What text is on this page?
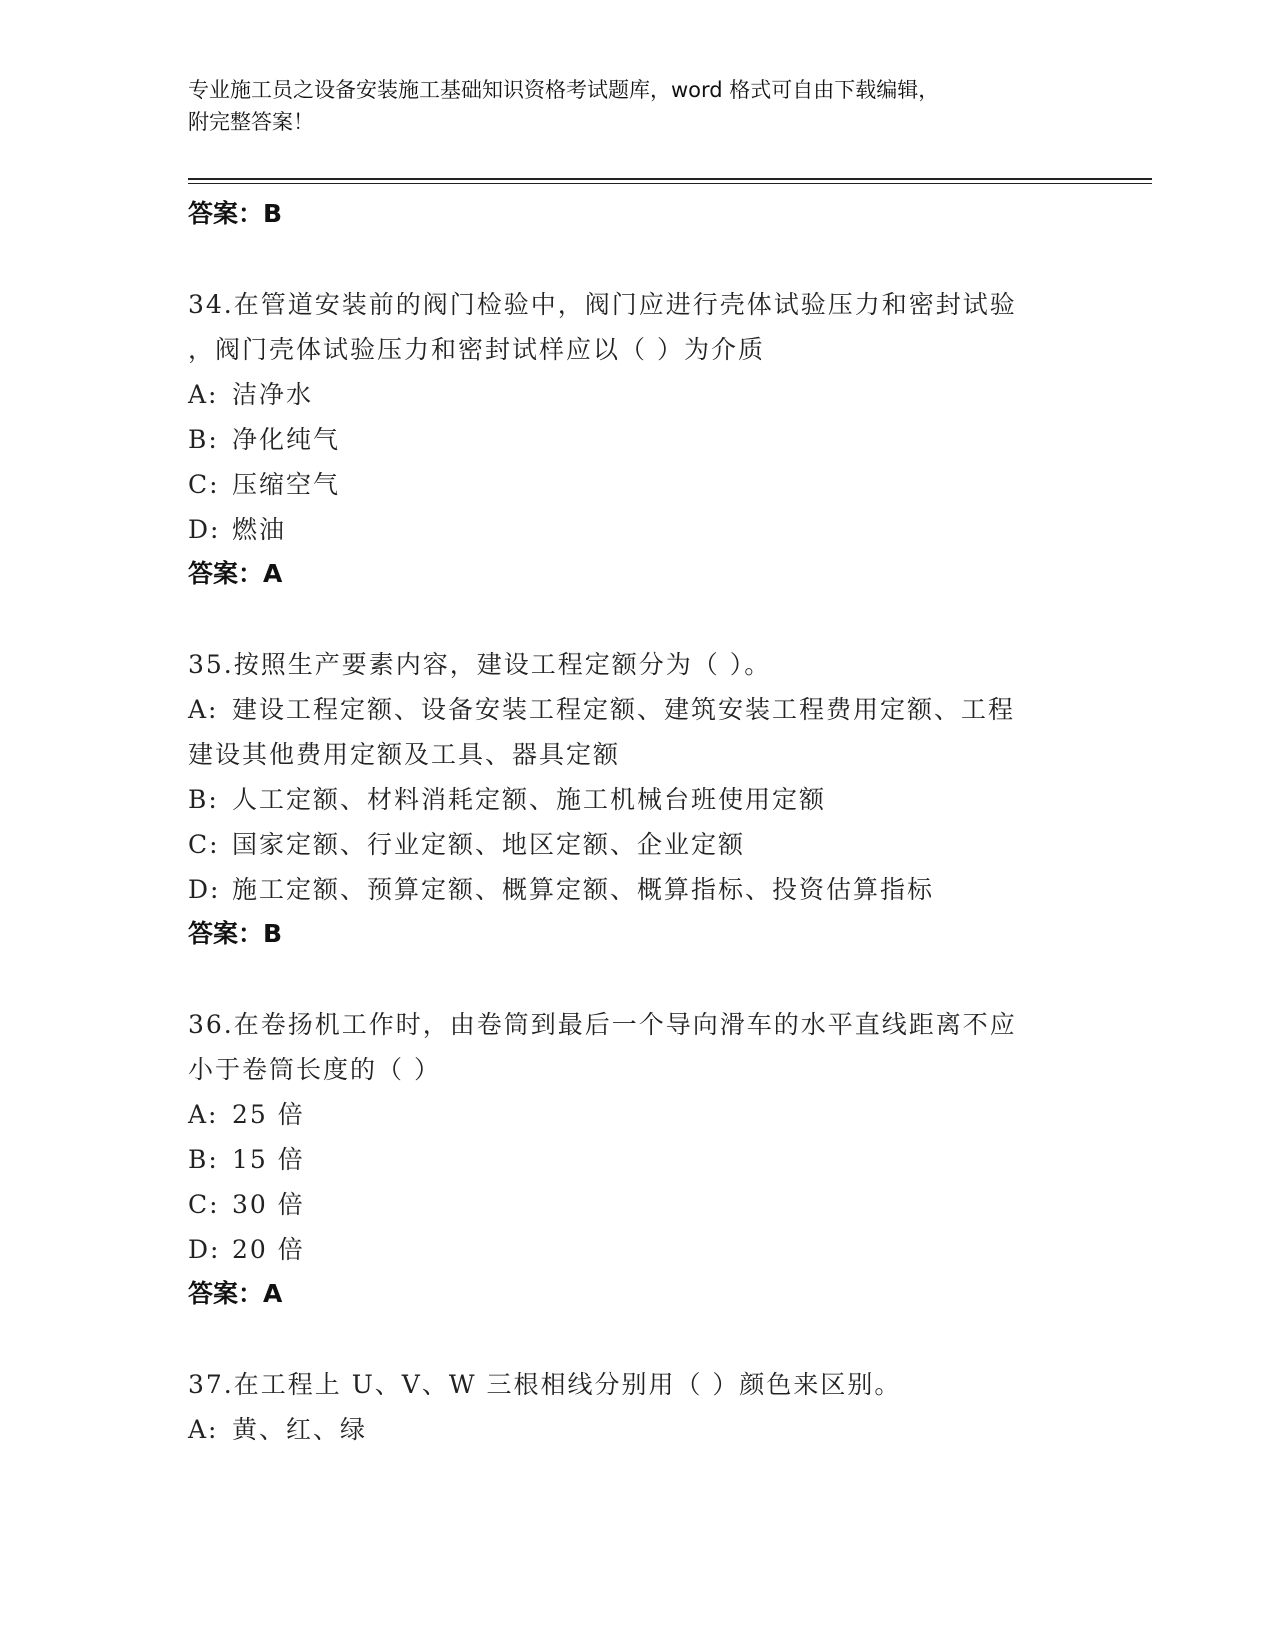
专业施工员之设备安装施工基础知识资格考试题库，word 格式可自由下载编辑，
附完整答案！
答案：B
34.在管道安装前的阀门检验中，阀门应进行壳体试验压力和密封试验
，阀门壳体试验压力和密封试样应以（ ）为介质
A: 洁净水
B: 净化纯气
C: 压缩空气
D: 燃油
答案：A
35.按照生产要素内容，建设工程定额分为（ ）。
A: 建设工程定额、设备安装工程定额、建筑安装工程费用定额、工程
建设其他费用定额及工具、器具定额
B: 人工定额、材料消耗定额、施工机械台班使用定额
C: 国家定额、行业定额、地区定额、企业定额
D: 施工定额、预算定额、概算定额、概算指标、投资估算指标
答案：B
36.在卷扬机工作时，由卷筒到最后一个导向滑车的水平直线距离不应
小于卷筒长度的（ ）
A: 25 倍
B: 15 倍
C: 30 倍
D: 20 倍
答案：A
37.在工程上 U、V、W 三根相线分别用（ ）颜色来区别。
A: 黄、红、绿
